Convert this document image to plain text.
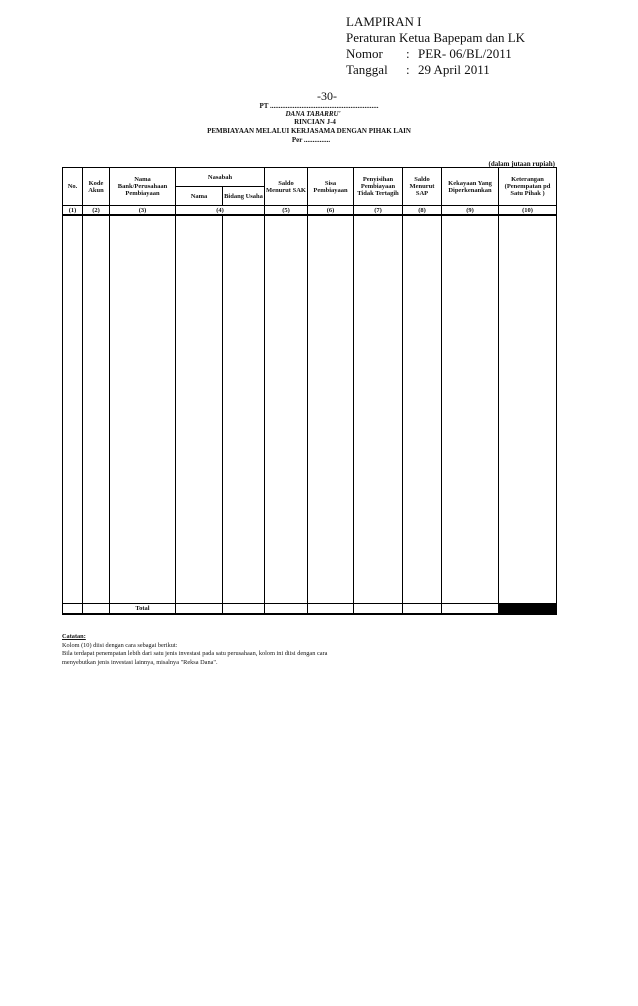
LAMPIRAN I
Peraturan Ketua Bapepam dan LK
Nomor	: PER- 06/BL/2011
Tanggal	: 29 April 2011
-30-
PT ..............................................................
DANA TABARRU'
RINCIAN J-4
PEMBIAYAAN MELALUI KERJASAMA DENGAN PIHAK LAIN
Per ...............
(dalam jutaan rupiah)
No.	Kode Akun	Nama Bank/Perusahaan Pembiayaan	Nasabah		Saldo Menurut SAK	Sisa Pembiayaan	Penyisihan Pembiayaan Tidak Tertagih	Saldo Menurut SAP	Kekayaan Yang Diperkenankan	Keterangan (Penempatan pd Satu Pihak )
			Nama	Bidang Usaha						
(1)	(2)	(3)	(4)		(5)	(6)	(7)	(8)	(9)	(10)

		Total								
Catatan:
Kolom (10) diisi dengan cara sebagai berikut:
Bila terdapat penempatan lebih dari satu jenis investasi pada satu perusahaan, kolom ini diisi dengan cara
menyebutkan jenis investasi lainnya, misalnya "Reksa Dana".
